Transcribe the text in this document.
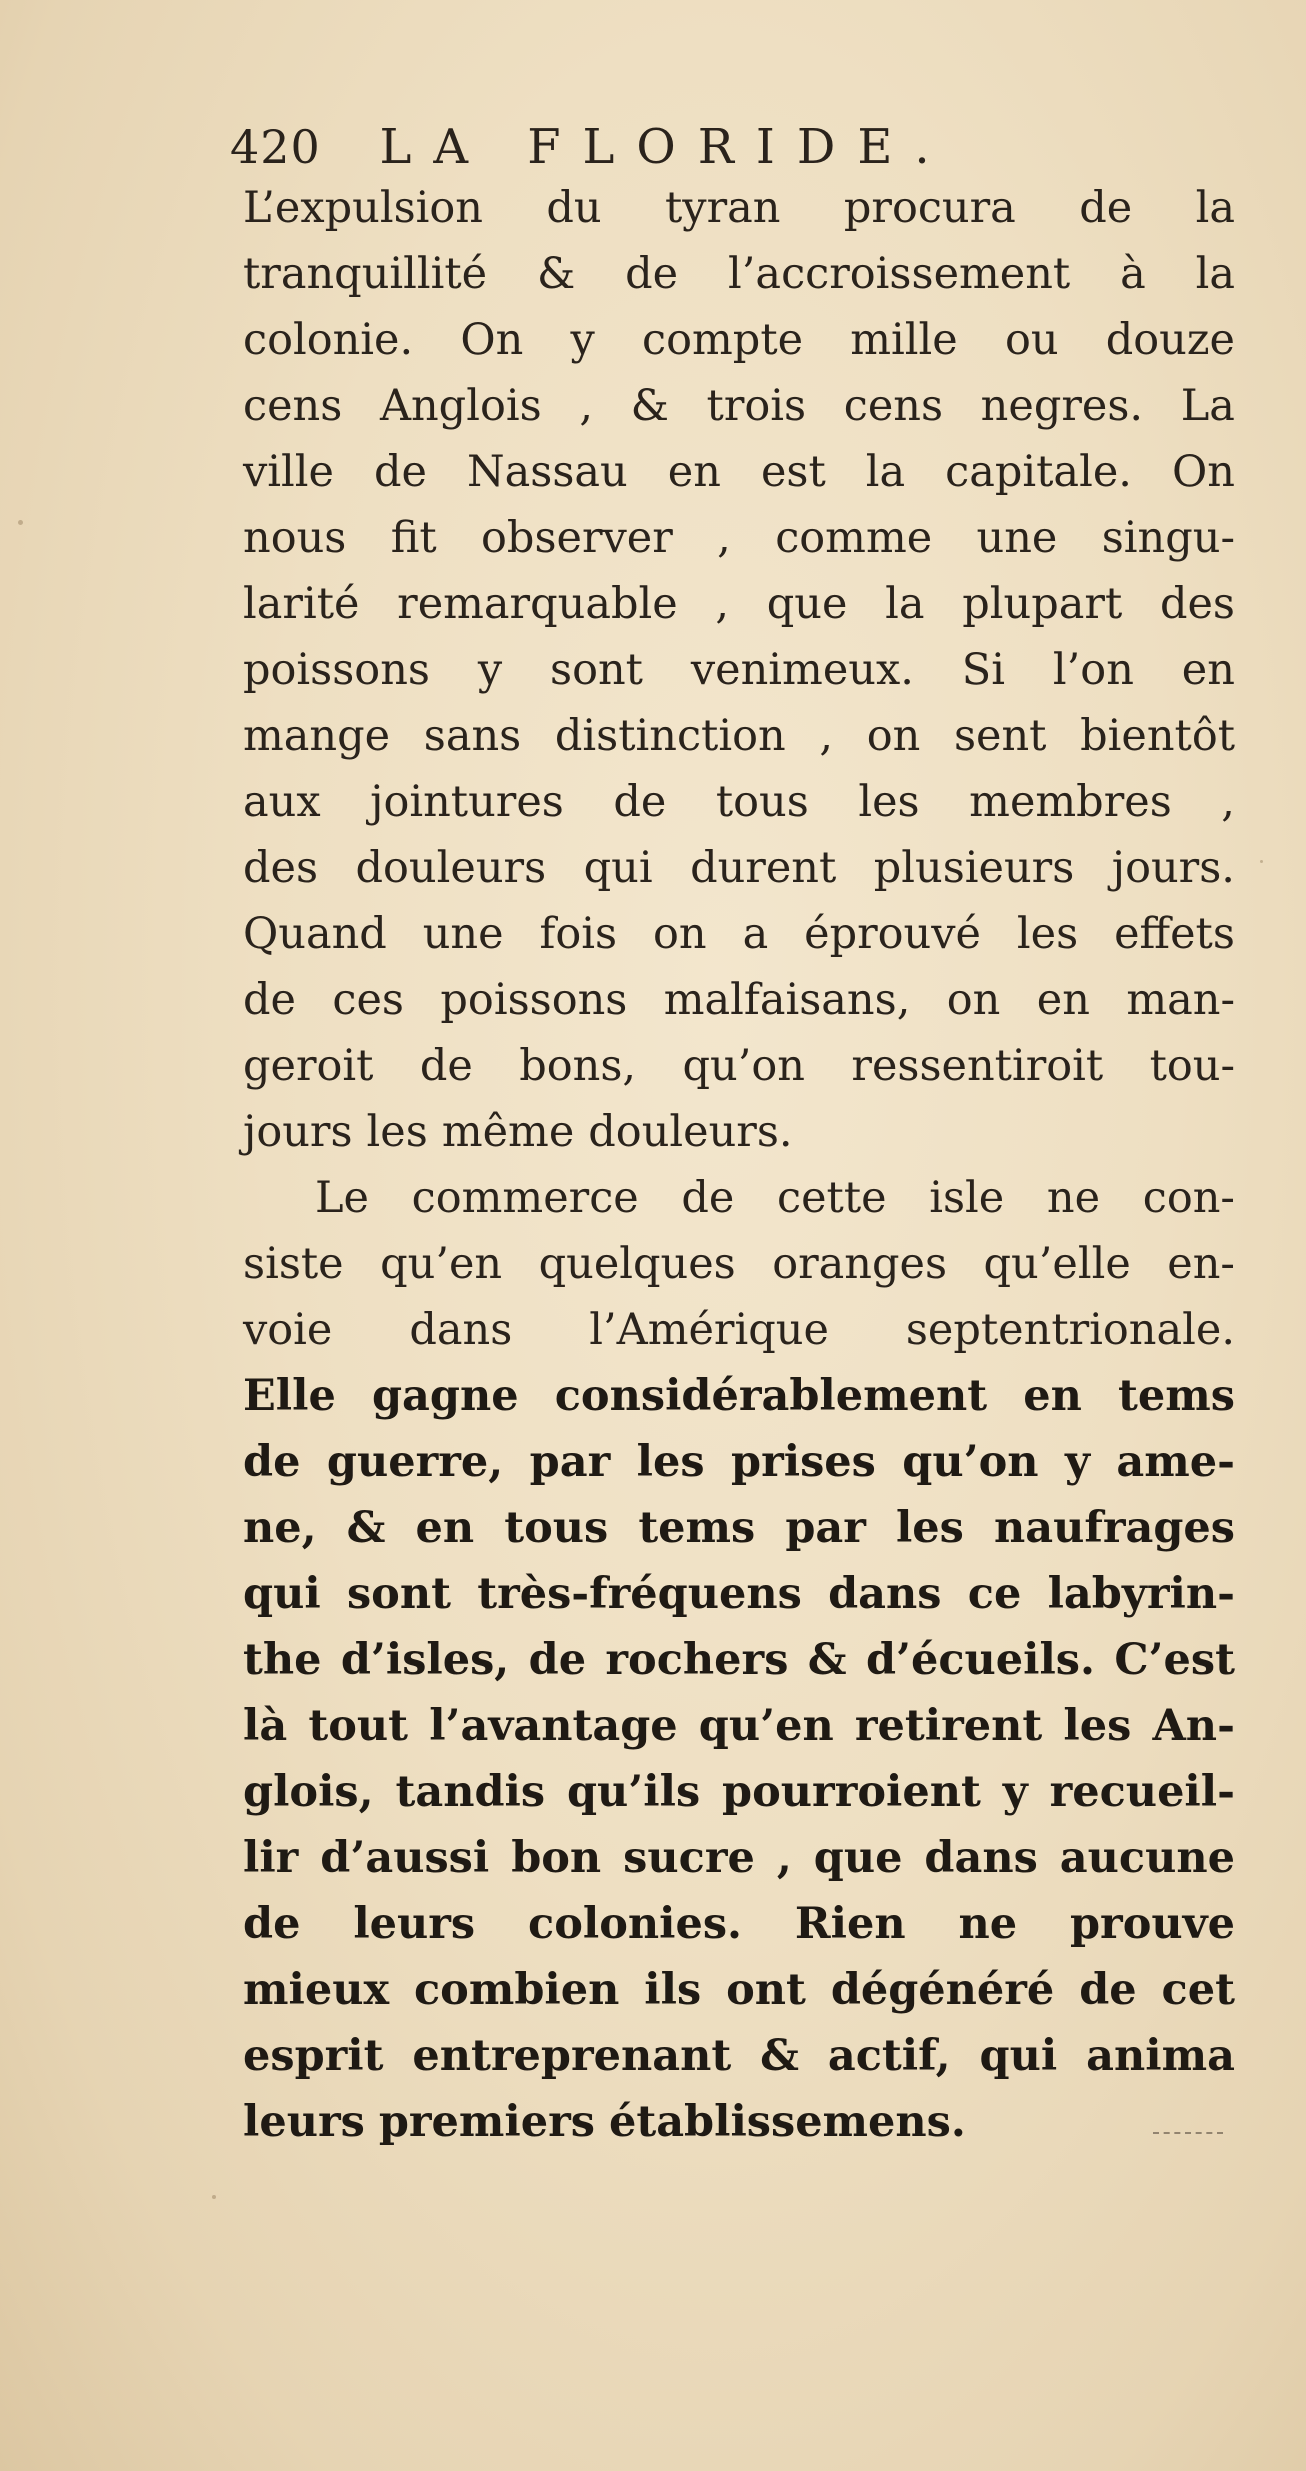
420 LA FLORIDE.
L’expulsion du tyran procura de la
tranquillité & de l’accroissement à la
colonie. On y compte mille ou douze
cens Anglois , & trois cens negres. La
ville de Nassau en est la capitale. On
nous fit observer , comme une singu-
larité remarquable , que la plupart des
poissons y sont venimeux. Si l’on en
mange sans distinction , on sent bientôt
aux jointures de tous les membres ,
des douleurs qui durent plusieurs jours.
Quand une fois on a éprouvé les effets
de ces poissons malfaisans, on en man-
geroit de bons, qu’on ressentiroit tou-
jours les même douleurs.
Le commerce de cette isle ne con-
siste qu’en quelques oranges qu’elle en-
voie dans l’Amérique septentrionale.
Elle gagne considérablement en tems
de guerre, par les prises qu’on y ame-
ne, & en tous tems par les naufrages
qui sont très-fréquens dans ce labyrin-
the d’isles, de rochers & d’écueils. C’est
là tout l’avantage qu’en retirent les An-
glois, tandis qu’ils pourroient y recueil-
lir d’aussi bon sucre , que dans aucune
de leurs colonies. Rien ne prouve
mieux combien ils ont dégénéré de cet
esprit entreprenant & actif, qui anima
leurs premiers établissemens.
